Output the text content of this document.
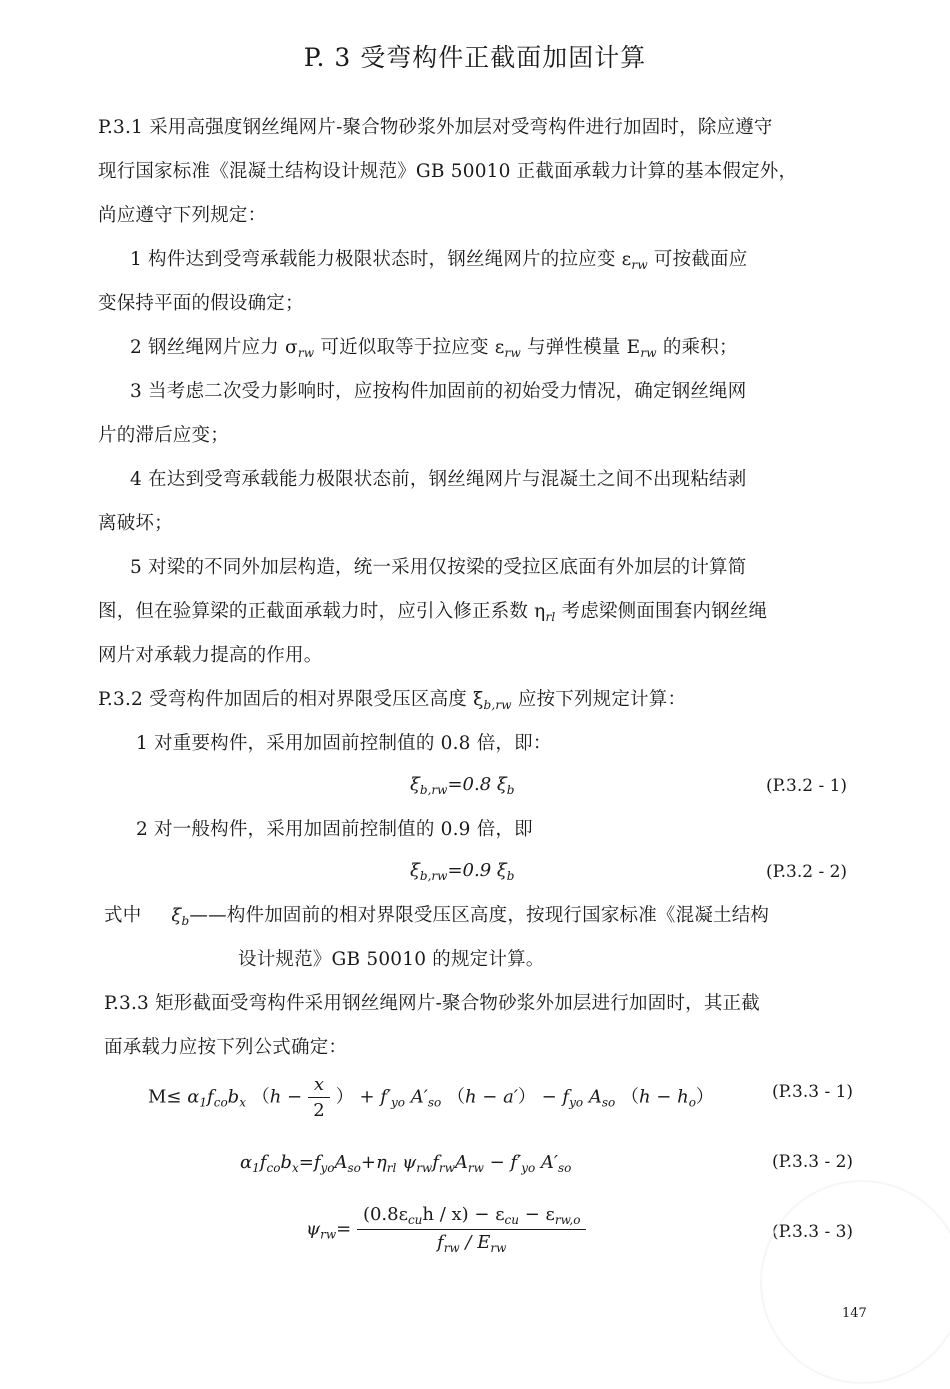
P. 3 受弯构件正截面加固计算
P.3.1 采用高强度钢丝绳网片-聚合物砂浆外加层对受弯构件进行加固时，除应遵守
现行国家标准《混凝土结构设计规范》GB 50010 正截面承载力计算的基本假定外，
尚应遵守下列规定：
1 构件达到受弯承载能力极限状态时，钢丝绳网片的拉应变 $\varepsilon_{rw}$ 可按截面应
变保持平面的假设确定；
2 钢丝绳网片应力 $\sigma_{rw}$ 可近似取等于拉应变 $\varepsilon_{rw}$ 与弹性模量 $E_{rw}$ 的乘积；
3 当考虑二次受力影响时，应按构件加固前的初始受力情况，确定钢丝绳网
片的滞后应变；
4 在达到受弯承载能力极限状态前，钢丝绳网片与混凝土之间不出现粘结剥
离破坏；
5 对梁的不同外加层构造，统一采用仅按梁的受拉区底面有外加层的计算简
图，但在验算梁的正截面承载力时，应引入修正系数 $\eta_{rl}$ 考虑梁侧面围套内钢丝绳
网片对承载力提高的作用。
P.3.2 受弯构件加固后的相对界限受压区高度 $\xi_{b,rw}$ 应按下列规定计算：
1 对重要构件，采用加固前控制值的 0.8 倍，即：
$\xi_{b,rw}=0.8$ $\xi_b$	(P.3.2 - 1)
2 对一般构件，采用加固前控制值的 0.9 倍，即
$\xi_{b,rw}=0.9$ $\xi_b$	(P.3.2 - 2)
式中 $\xi_b——$构件加固前的相对界限受压区高度，按现行国家标准《混凝土结构
设计规范》GB 50010 的规定计算。
P.3.3 矩形截面受弯构件采用钢丝绳网片-聚合物砂浆外加层进行加固时，其正截
面承载力应按下列公式确定：
$M\le \alpha_1f_{co}b_x$ （$h - \frac{x}{2}$ ） + $f'_{yo}$ $A'_{so}$ $(h - a') - f_{yo}$ $A_{so}$ $(h - h_o)$	(P.3.3 - 1)
$\alpha_1f_{co}b_x=f_{yo}A_{so}+\eta_{rl}$ $\psi_{rw}f_{rw}A_{rw} - f'_{yo}$ $A'_{so}$	(P.3.3 - 2)
$\psi_{rw}= \frac{(0.8\varepsilon_{cu}h / x) - \varepsilon_{cu} - \varepsilon_{rw,o}}{f_{rw} / E_{rw}}$	(P.3.3 - 3)
147
